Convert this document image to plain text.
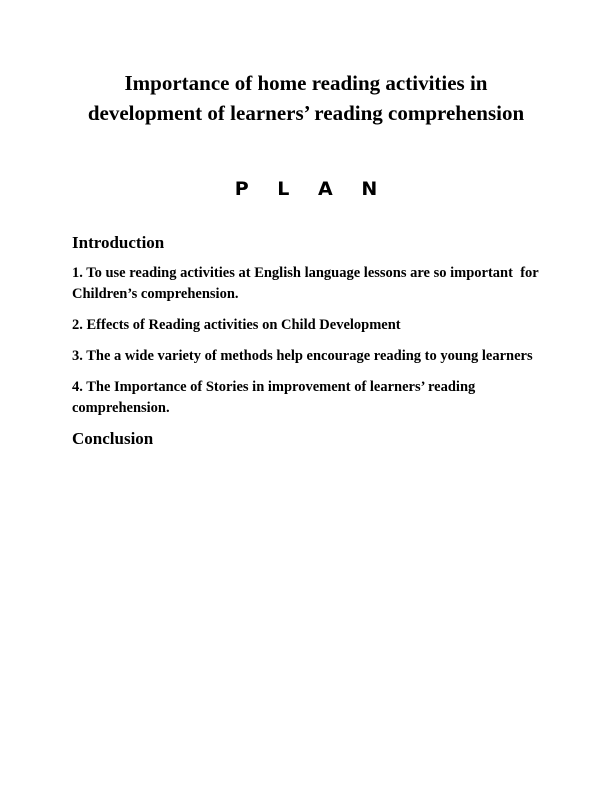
Importance of home reading activities in
development of learners’ reading comprehension
P L A N
Introduction
1. To use reading activities at English language lessons are so important  for Children’s comprehension.
2. Effects of Reading activities on Child Development
3. The a wide variety of methods help encourage reading to young learners
4. The Importance of Stories in improvement of learners’ reading comprehension.
Conclusion
